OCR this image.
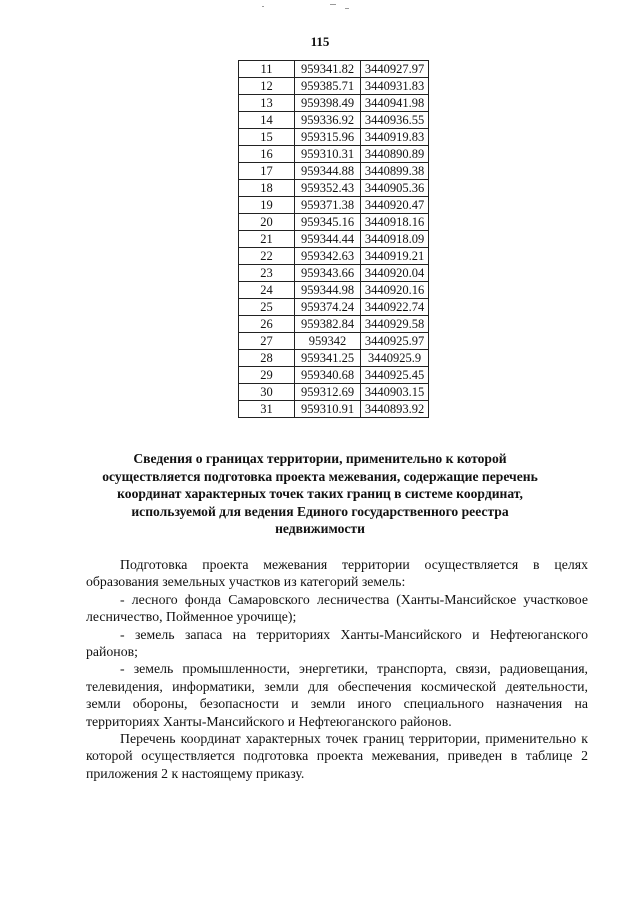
115
11	959341.82	3440927.97
12	959385.71	3440931.83
13	959398.49	3440941.98
14	959336.92	3440936.55
15	959315.96	3440919.83
16	959310.31	3440890.89
17	959344.88	3440899.38
18	959352.43	3440905.36
19	959371.38	3440920.47
20	959345.16	3440918.16
21	959344.44	3440918.09
22	959342.63	3440919.21
23	959343.66	3440920.04
24	959344.98	3440920.16
25	959374.24	3440922.74
26	959382.84	3440929.58
27	959342	3440925.97
28	959341.25	3440925.9
29	959340.68	3440925.45
30	959312.69	3440903.15
31	959310.91	3440893.92
Сведения о границах территории, применительно к которой
осуществляется подготовка проекта межевания, содержащие перечень
координат характерных точек таких границ в системе координат,
используемой для ведения Единого государственного реестра
недвижимости

Подготовка проекта межевания территории осуществляется в целях образования земельных участков из категорий земель:

- лесного фонда Самаровского лесничества (Ханты-Мансийское участковое лесничество, Пойменное урочище);

- земель запаса на территориях Ханты-Мансийского и Нефтеюганского районов;

- земель промышленности, энергетики, транспорта, связи, радиовещания, телевидения, информатики, земли для обеспечения космической деятельности, земли обороны, безопасности и земли иного специального назначения на территориях Ханты-Мансийского и Нефтеюганского районов.

Перечень координат характерных точек границ территории, применительно к которой осуществляется подготовка проекта межевания, приведен в таблице 2 приложения 2 к настоящему приказу.
